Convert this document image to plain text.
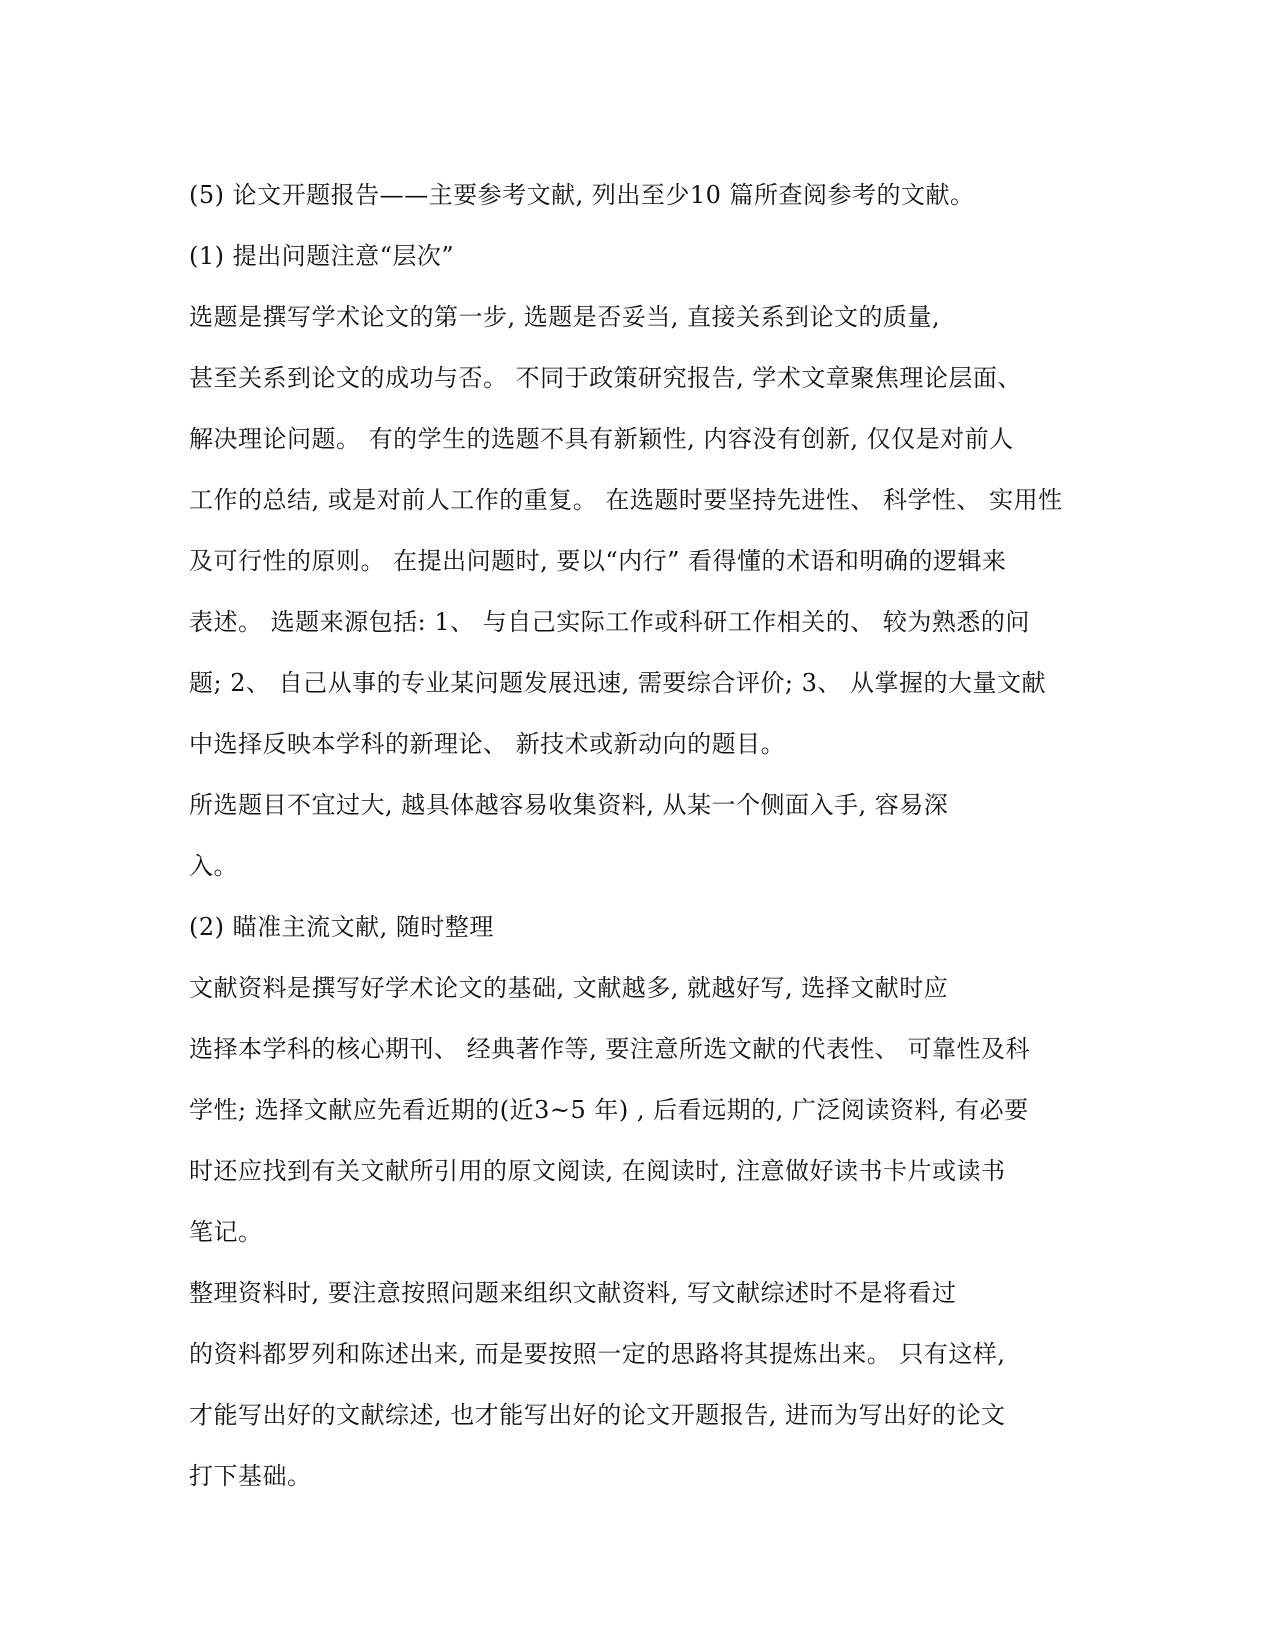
(5) 论文开题报告——主要参考文献, 列出至少10 篇所查阅参考的文献。
(1) 提出问题注意“层次”
选题是撰写学术论文的第一步, 选题是否妥当, 直接关系到论文的质量,
甚至关系到论文的成功与否。 不同于政策研究报告, 学术文章聚焦理论层面、
解决理论问题。 有的学生的选题不具有新颖性, 内容没有创新, 仅仅是对前人
工作的总结, 或是对前人工作的重复。 在选题时要坚持先进性、 科学性、 实用性
及可行性的原则。 在提出问题时, 要以“内行” 看得懂的术语和明确的逻辑来
表述。 选题来源包括: 1、 与自己实际工作或科研工作相关的、 较为熟悉的问
题; 2、 自己从事的专业某问题发展迅速, 需要综合评价; 3、 从掌握的大量文献
中选择反映本学科的新理论、 新技术或新动向的题目。
所选题目不宜过大, 越具体越容易收集资料, 从某一个侧面入手, 容易深
入。
(2) 瞄准主流文献, 随时整理
文献资料是撰写好学术论文的基础, 文献越多, 就越好写, 选择文献时应
选择本学科的核心期刊、 经典著作等, 要注意所选文献的代表性、 可靠性及科
学性; 选择文献应先看近期的(近3~5 年) , 后看远期的, 广泛阅读资料, 有必要
时还应找到有关文献所引用的原文阅读, 在阅读时, 注意做好读书卡片或读书
笔记。
整理资料时, 要注意按照问题来组织文献资料, 写文献综述时不是将看过
的资料都罗列和陈述出来, 而是要按照一定的思路将其提炼出来。 只有这样,
才能写出好的文献综述, 也才能写出好的论文开题报告, 进而为写出好的论文
打下基础。
